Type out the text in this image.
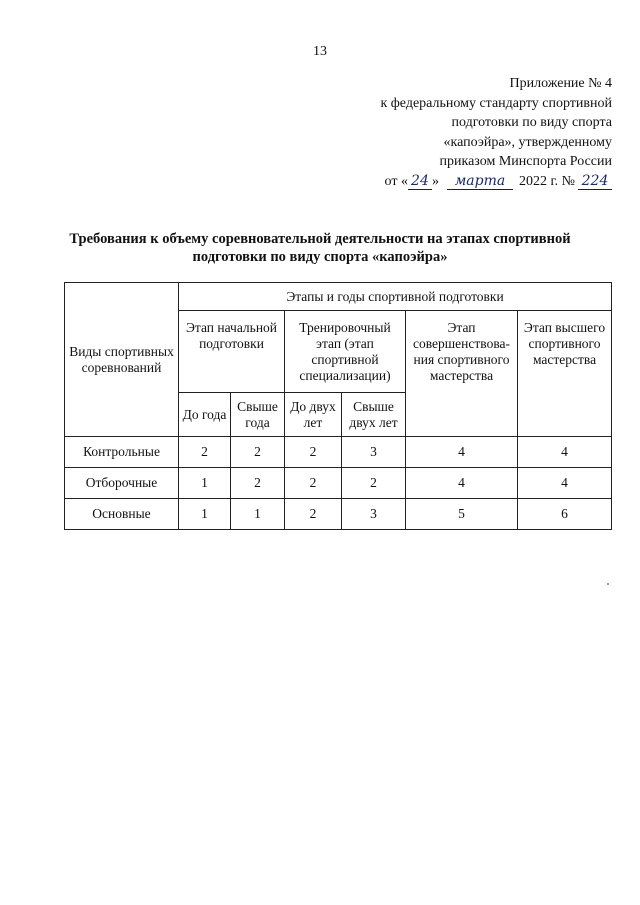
13
Приложение № 4
к федеральному стандарту спортивной
подготовки по виду спорта
«капоэйра», утвержденному
приказом Минспорта России
от « 24 » марта 2022 г. № 224
Требования к объему соревновательной деятельности на этапах спортивной
подготовки по виду спорта «капоэйра»
Виды спортивных соревнований	Этапы и годы спортивной подготовки					
	Этап начальной подготовки		Тренировочный этап (этап спортивной специализации)		Этап совершенствова-ния спортивного мастерства	Этап высшего спортивного мастерства
	До года	Свыше года	До двух лет	Свыше двух лет		
Контрольные	2	2	2	3	4	4
Отборочные	1	2	2	2	4	4
Основные	1	1	2	3	5	6
